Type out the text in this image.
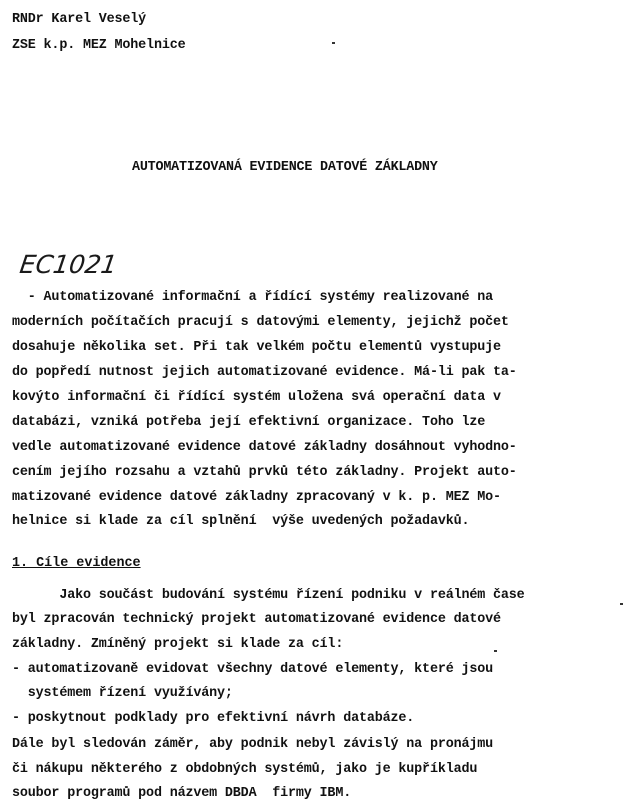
RNDr Karel Veselý
ZSE k.p. MEZ Mohelnice
AUTOMATIZOVANÁ EVIDENCE DATOVÉ ZÁKLADNY
EC1021
- Automatizované informační a řídící systémy realizované na
moderních počítačích pracují s datovými elementy, jejichž počet
dosahuje několika set. Při tak velkém počtu elementů vystupuje
do popředí nutnost jejich automatizované evidence. Má-li pak ta-
kovýto informační či řídící systém uložena svá operační data v
databázi, vzniká potřeba její efektivní organizace. Toho lze
vedle automatizované evidence datové základny dosáhnout vyhodno-
cením jejího rozsahu a vztahů prvků této základny. Projekt auto-
matizované evidence datové základny zpracovaný v k. p. MEZ Mo-
helnice si klade za cíl splnění  výše uvedených požadavků.
1. Cíle evidence
Jako součást budování systému řízení podniku v reálném čase
byl zpracován technický projekt automatizované evidence datové
základny. Zmíněný projekt si klade za cíl:
- automatizovaně evidovat všechny datové elementy, které jsou
systémem řízení využívány;
- poskytnout podklady pro efektivní návrh databáze.
Dále byl sledován záměr, aby podnik nebyl závislý na pronájmu
či nákupu některého z obdobných systémů, jako je kupříkladu
soubor programů pod názvem DBDA  firmy IBM.
